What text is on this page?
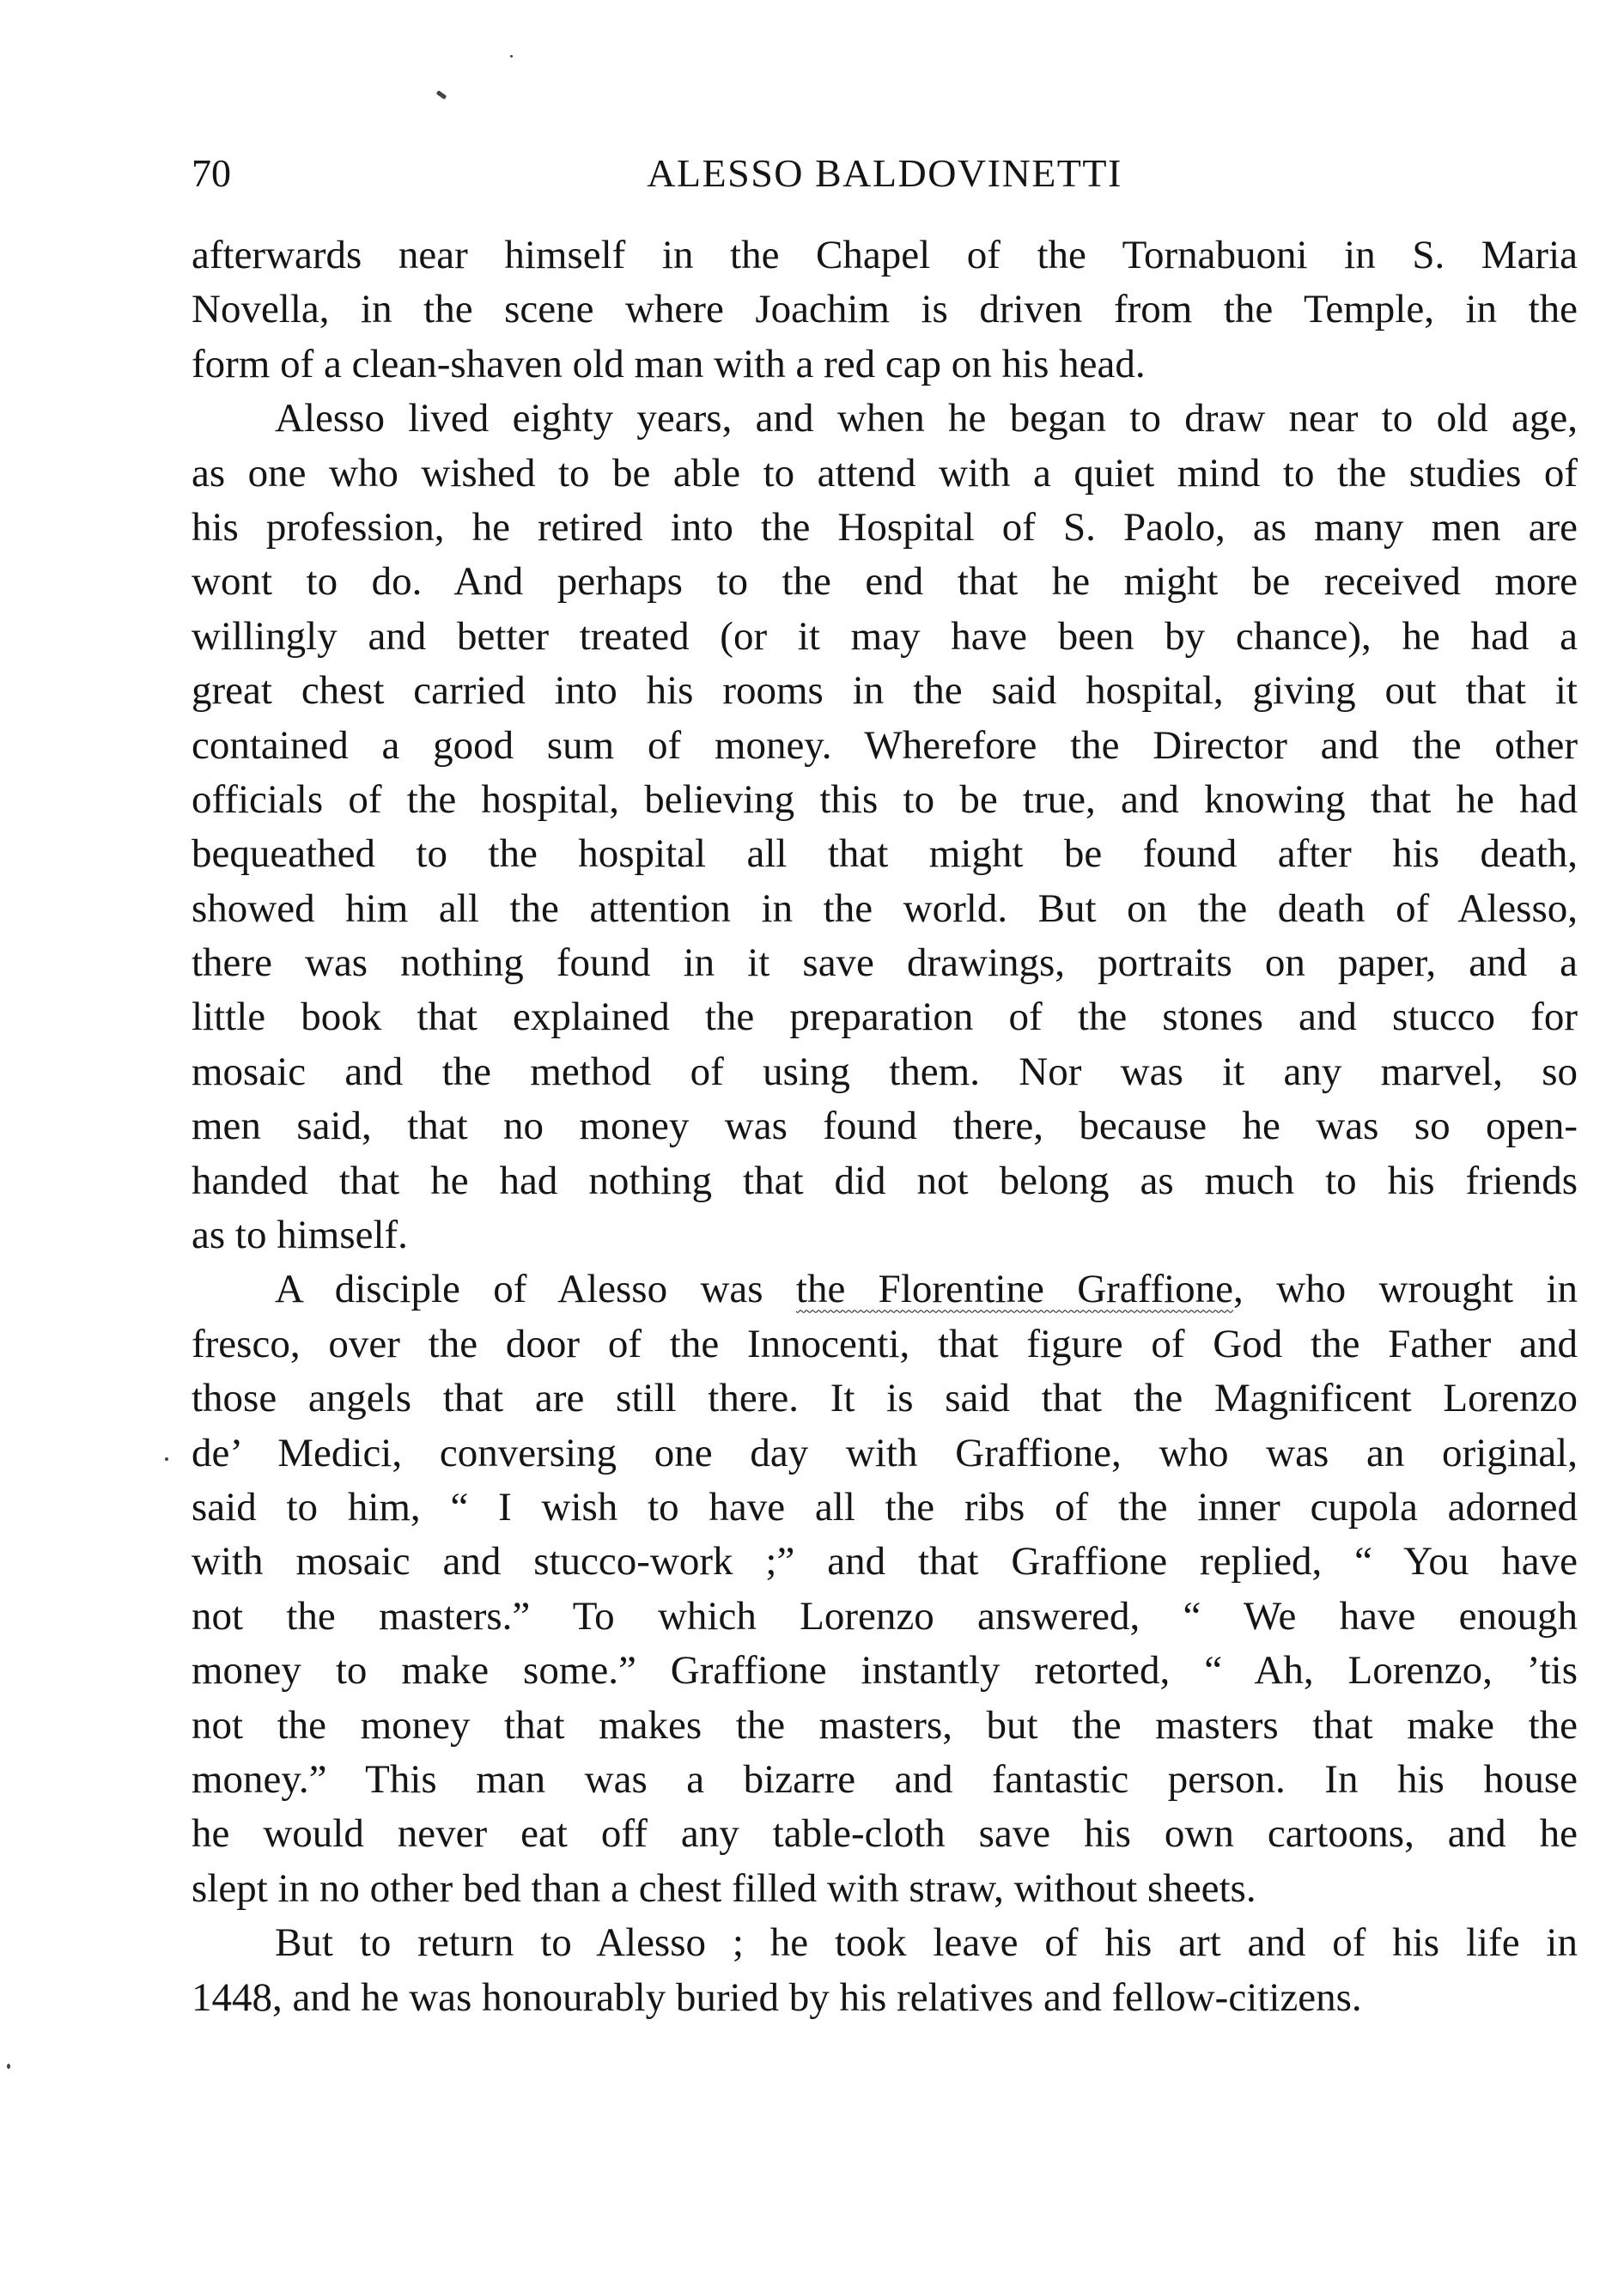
70	ALESSO BALDOVINETTI
afterwards near himself in the Chapel of the Tornabuoni in S. Maria
Novella, in the scene where Joachim is driven from the Temple, in the
form of a clean-shaven old man with a red cap on his head.
Alesso lived eighty years, and when he began to draw near to old age,
as one who wished to be able to attend with a quiet mind to the studies of
his profession, he retired into the Hospital of S. Paolo, as many men are
wont to do. And perhaps to the end that he might be received more
willingly and better treated (or it may have been by chance), he had a
great chest carried into his rooms in the said hospital, giving out that it
contained a good sum of money. Wherefore the Director and the other
officials of the hospital, believing this to be true, and knowing that he had
bequeathed to the hospital all that might be found after his death,
showed him all the attention in the world. But on the death of Alesso,
there was nothing found in it save drawings, portraits on paper, and a
little book that explained the preparation of the stones and stucco for
mosaic and the method of using them. Nor was it any marvel, so
men said, that no money was found there, because he was so open-
handed that he had nothing that did not belong as much to his friends
as to himself.
A disciple of Alesso was the Florentine Graffione, who wrought in
fresco, over the door of the Innocenti, that figure of God the Father and
those angels that are still there. It is said that the Magnificent Lorenzo
de’ Medici, conversing one day with Graffione, who was an original,
said to him, “ I wish to have all the ribs of the inner cupola adorned
with mosaic and stucco-work ;” and that Graffione replied, “ You have
not the masters.” To which Lorenzo answered, “ We have enough
money to make some.” Graffione instantly retorted, “ Ah, Lorenzo, ’tis
not the money that makes the masters, but the masters that make the
money.” This man was a bizarre and fantastic person. In his house
he would never eat off any table-cloth save his own cartoons, and he
slept in no other bed than a chest filled with straw, without sheets.
But to return to Alesso ; he took leave of his art and of his life in
1448, and he was honourably buried by his relatives and fellow-citizens.
